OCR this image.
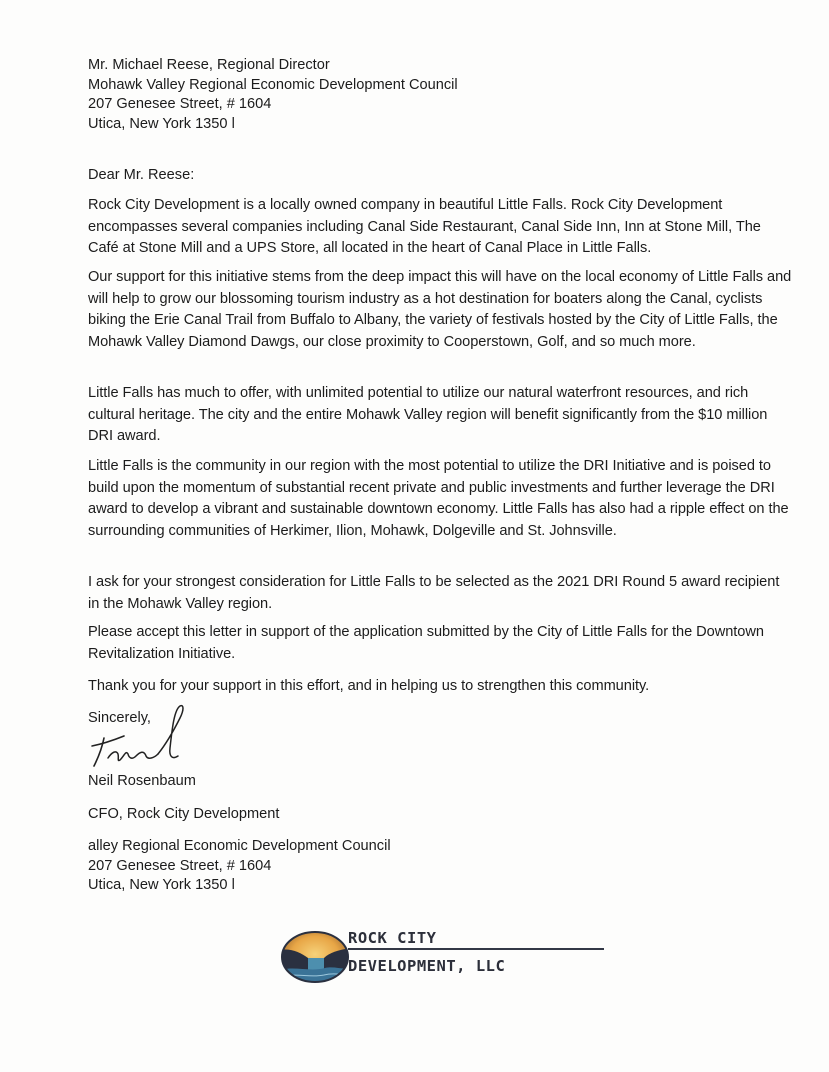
Mr. Michael Reese, Regional Director
Mohawk Valley Regional Economic Development Council
207 Genesee Street, # 1604
Utica, New York 1350 l
Dear Mr. Reese:

Rock City Development is a locally owned company in beautiful Little Falls. Rock City Development encompasses several companies including Canal Side Restaurant, Canal Side Inn, Inn at Stone Mill, The Café at Stone Mill and a UPS Store, all located in the heart of Canal Place in Little Falls.

Our support for this initiative stems from the deep impact this will have on the local economy of Little Falls and will help to grow our blossoming tourism industry as a hot destination for boaters along the Canal, cyclists biking the Erie Canal Trail from Buffalo to Albany, the variety of festivals hosted by the City of Little Falls, the Mohawk Valley Diamond Dawgs, our close proximity to Cooperstown, Golf, and so much more.

Little Falls has much to offer, with unlimited potential to utilize our natural waterfront resources, and rich cultural heritage. The city and the entire Mohawk Valley region will benefit significantly from the $10 million DRI award.

Little Falls is the community in our region with the most potential to utilize the DRI Initiative and is poised to build upon the momentum of substantial recent private and public investments and further leverage the DRI award to develop a vibrant and sustainable downtown economy. Little Falls has also had a ripple effect on the surrounding communities of Herkimer, Ilion, Mohawk, Dolgeville and St. Johnsville.

I ask for your strongest consideration for Little Falls to be selected as the 2021 DRI Round 5 award recipient in the Mohawk Valley region.

Please accept this letter in support of the application submitted by the City of Little Falls for the Downtown Revitalization Initiative.

Thank you for your support in this effort, and in helping us to strengthen this community.

Sincerely,
Neil Rosenbaum
CFO, Rock City Development
alley Regional Economic Development Council
207 Genesee Street, # 1604
Utica, New York 1350 l
ROCK CITY
DEVELOPMENT, LLC
